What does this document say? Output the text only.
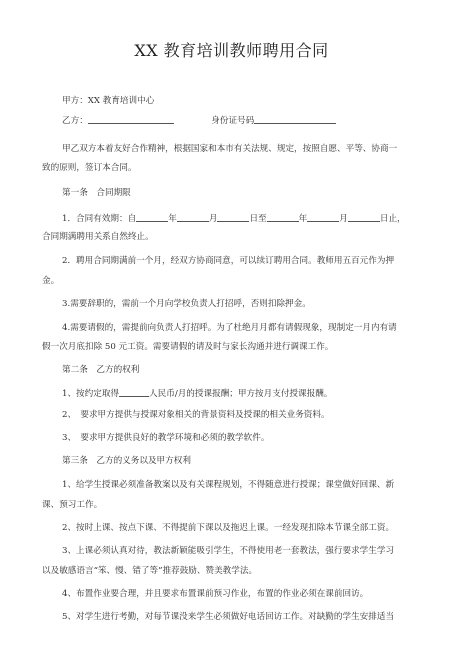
XX 教育培训教师聘用合同
甲方：XX 教育培训中心
乙方：	身份证号码
甲乙双方本着友好合作精神，根据国家和本市有关法规、规定，按照自愿、平等、协商一
致的原则，签订本合同。
第一条　合同期限
1．合同有效期：自	年	月	日至	年	月	日止，
合同期满聘用关系自然终止。
2．聘用合同期满前一个月，经双方协商同意，可以续订聘用合同。教师用五百元作为押
金。
3.需要辞职的，需前一个月向学校负责人打招呼，否则扣除押金。
4.需要请假的，需提前向负责人打招呼。为了杜绝月月都有请假现象，现制定一月内有请
假一次月底扣除 50 元工资。需要请假的请及时与家长沟通并进行调课工作。
第二条　乙方的权利
1、按约定取得	人民币/月的授课报酬；甲方按月支付授课报酬。
2、　要求甲方提供与授课对象相关的背景资料及授课的相关业务资料。
3、　要求甲方提供良好的教学环境和必须的教学软件。
第三条　乙方的义务以及甲方权利
1、给学生授课必须准备教案以及有关课程规划，不得随意进行授课；课堂做好回课、新
课、预习工作。
2、按时上课、按点下课、不得提前下课以及拖迟上课。一经发现扣除本节课全部工资。
3、上课必须认真对待，教法新颖能吸引学生，不得使用老一套教法，强行要求学生学习
以及敏感语言“笨、慢、错了等”推荐鼓励、赞美教学法。
4、布置作业要合理，并且要求布置课前预习作业，布置的作业必须在课前回访。
5、对学生进行考勤，对每节课没来学生必须做好电话回访工作。对缺勤的学生安排适当
